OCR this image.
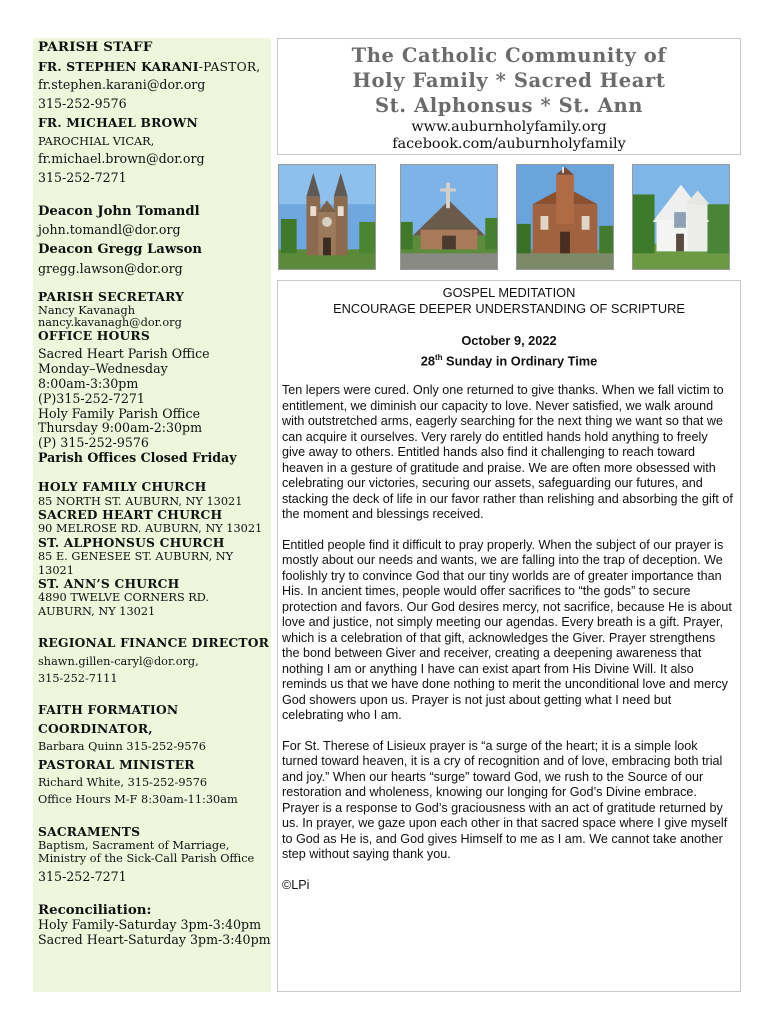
PARISH STAFF
FR. STEPHEN KARANI-PASTOR,
fr.stephen.karani@dor.org
315-252-9576
FR. MICHAEL BROWN
PAROCHIAL VICAR,
fr.michael.brown@dor.org
315-252-7271
Deacon John Tomandl
john.tomandl@dor.org
Deacon Gregg Lawson
gregg.lawson@dor.org
PARISH SECRETARY
Nancy Kavanagh
nancy.kavanagh@dor.org
OFFICE HOURS
Sacred Heart Parish Office
Monday–Wednesday
8:00am-3:30pm
(P)315-252-7271
Holy Family Parish Office
Thursday 9:00am-2:30pm
(P) 315-252-9576
Parish Offices Closed Friday
HOLY FAMILY CHURCH
85 NORTH ST. AUBURN, NY 13021
SACRED HEART CHURCH
90 MELROSE RD. AUBURN, NY 13021
ST. ALPHONSUS CHURCH
85 E. GENESEE ST. AUBURN, NY 13021
ST. ANN’S CHURCH
4890 TWELVE CORNERS RD.
AUBURN, NY 13021
REGIONAL FINANCE DIRECTOR
shawn.gillen-caryl@dor.org,
315-252-7111
FAITH FORMATION
COORDINATOR,
Barbara Quinn 315-252-9576
PASTORAL MINISTER
Richard White, 315-252-9576
Office Hours M-F 8:30am-11:30am
SACRAMENTS
Baptism, Sacrament of Marriage,
Ministry of the Sick-Call Parish Office
315-252-7271
Reconciliation:
Holy Family-Saturday 3pm-3:40pm
Sacred Heart-Saturday 3pm-3:40pm
The Catholic Community of
Holy Family * Sacred Heart
St. Alphonsus * St. Ann
www.auburnholyfamily.org
facebook.com/auburnholyfamily
GOSPEL MEDITATION
ENCOURAGE DEEPER UNDERSTANDING OF SCRIPTURE
October 9, 2022
28th Sunday in Ordinary Time
Ten lepers were cured. Only one returned to give thanks. When we fall victim to entitlement, we diminish our capacity to love. Never satisfied, we walk around with outstretched arms, eagerly searching for the next thing we want so that we can acquire it ourselves. Very rarely do entitled hands hold anything to freely give away to others. Entitled hands also find it challenging to reach toward heaven in a gesture of gratitude and praise. We are often more obsessed with celebrating our victories, securing our assets, safeguarding our futures, and stacking the deck of life in our favor rather than relishing and absorbing the gift of the moment and blessings received.
Entitled people find it difficult to pray properly. When the subject of our prayer is mostly about our needs and wants, we are falling into the trap of deception. We foolishly try to convince God that our tiny worlds are of greater importance than His. In ancient times, people would offer sacrifices to “the gods” to secure protection and favors. Our God desires mercy, not sacrifice, because He is about love and justice, not simply meeting our agendas. Every breath is a gift. Prayer, which is a celebration of that gift, acknowledges the Giver. Prayer strengthens the bond between Giver and receiver, creating a deepening awareness that nothing I am or anything I have can exist apart from His Divine Will. It also reminds us that we have done nothing to merit the unconditional love and mercy God showers upon us. Prayer is not just about getting what I need but celebrating who I am.
For St. Therese of Lisieux prayer is “a surge of the heart; it is a simple look turned toward heaven, it is a cry of recognition and of love, embracing both trial and joy.” When our hearts “surge” toward God, we rush to the Source of our restoration and wholeness, knowing our longing for God’s Divine embrace. Prayer is a response to God’s graciousness with an act of gratitude returned by us. In prayer, we gaze upon each other in that sacred space where I give myself to God as He is, and God gives Himself to me as I am. We cannot take another step without saying thank you.
©LPi
